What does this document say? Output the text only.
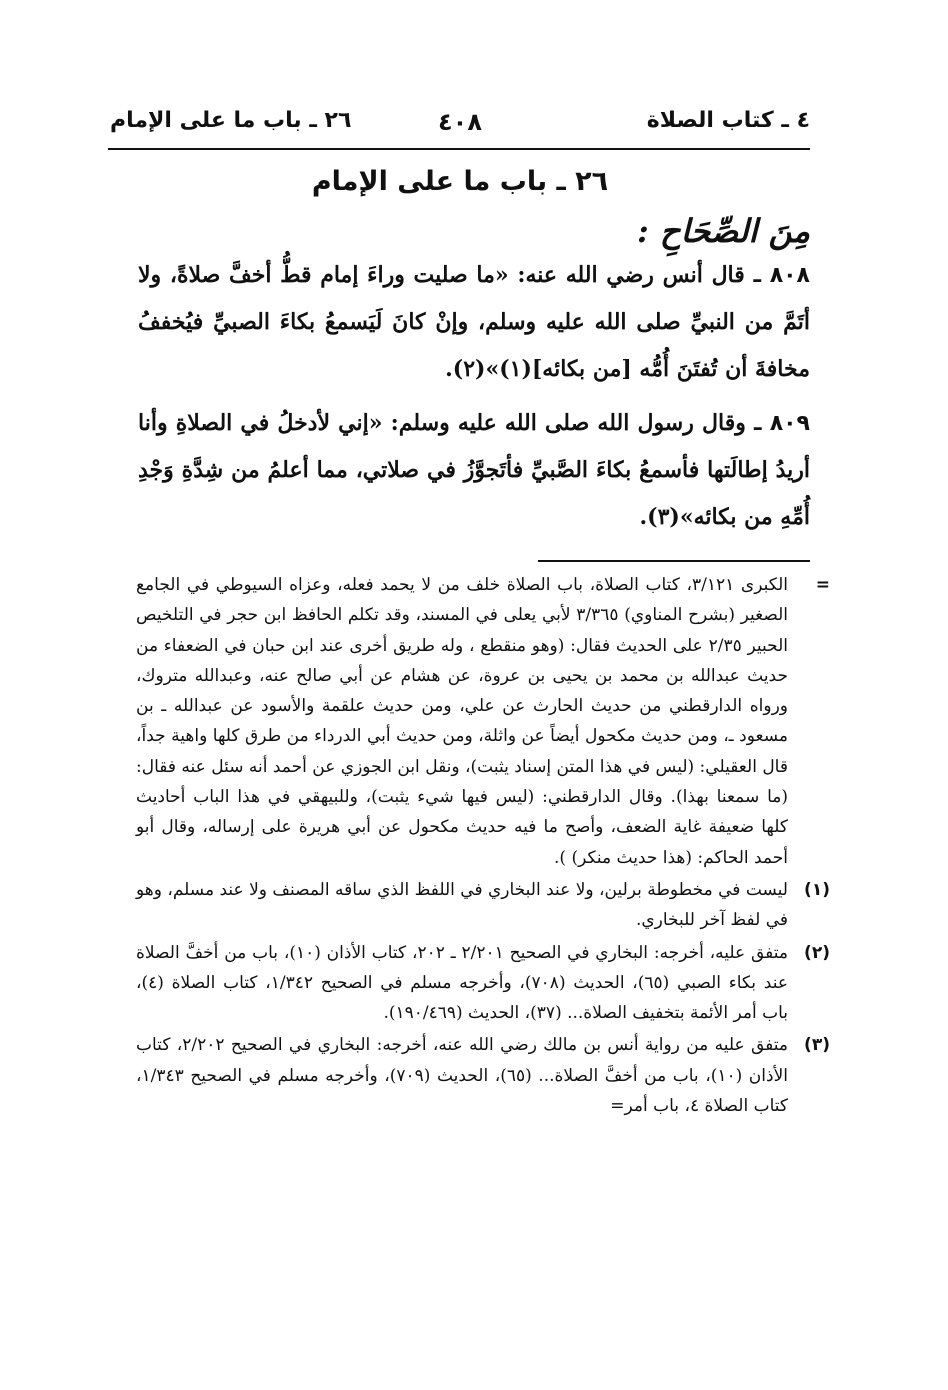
٤ ـ كتاب الصلاة
٤٠٨
٢٦ ـ باب ما على الإمام
٢٦ ـ باب ما على الإمام
مِنَ الصِّحَاحِ :

٨٠٨ ـ قال أنس رضي الله عنه: «ما صليت وراءَ إمام قطُّ أخفَّ صلاةً، ولا أتَمَّ من النبيِّ صلى الله عليه وسلم، وإنْ كانَ لَيَسمعُ بكاءَ الصبيِّ فيُخففُ مخافةَ أن تُفتَنَ أُمُّه [من بكائه](١)»(٢).

٨٠٩ ـ وقال رسول الله صلى الله عليه وسلم: «إني لأدخلُ في الصلاةِ وأنا أريدُ إطالَتها فأسمعُ بكاءَ الصَّبيِّ فأتَجوَّزُ في صلاتي، مما أعلمُ من شِدَّةِ وَجْدِ أُمِّهِ من بكائه»(٣).

=
الكبرى ٣/١٢١، كتاب الصلاة، باب الصلاة خلف من لا يحمد فعله، وعزاه السيوطي في الجامع الصغير (بشرح المناوي) ٣/٣٦٥ لأبي يعلى في المسند، وقد تكلم الحافظ ابن حجر في التلخيص الحبير ٢/٣٥ على الحديث فقال: (وهو منقطع ، وله طريق أخرى عند ابن حبان في الضعفاء من حديث عبدالله بن محمد بن يحيى بن عروة، عن هشام عن أبي صالح عنه، وعبدالله متروك، ورواه الدارقطني من حديث الحارث عن علي، ومن حديث علقمة والأسود عن عبدالله ـ بن مسعود ـ، ومن حديث مكحول أيضاً عن واثلة، ومن حديث أبي الدرداء من طرق كلها واهية جداً، قال العقيلي: (ليس في هذا المتن إسناد يثبت)، ونقل ابن الجوزي عن أحمد أنه سئل عنه فقال: (ما سمعنا بهذا). وقال الدارقطني: (ليس فيها شيء يثبت)، وللبيهقي في هذا الباب أحاديث كلها ضعيفة غاية الضعف، وأصح ما فيه حديث مكحول عن أبي هريرة على إرساله، وقال أبو أحمد الحاكم: (هذا حديث منكر) ).

(١)
ليست في مخطوطة برلين، ولا عند البخاري في اللفظ الذي ساقه المصنف ولا عند مسلم، وهو في لفظ آخر للبخاري.

(٢)
متفق عليه، أخرجه: البخاري في الصحيح ٢/٢٠١ ـ ٢٠٢، كتاب الأذان (١٠)، باب من أخفَّ الصلاة عند بكاء الصبي (٦٥)، الحديث (٧٠٨)، وأخرجه مسلم في الصحيح ١/٣٤٢، كتاب الصلاة (٤)، باب أمر الأئمة بتخفيف الصلاة... (٣٧)، الحديث (١٩٠/٤٦٩).

(٣)
متفق عليه من رواية أنس بن مالك رضي الله عنه، أخرجه: البخاري في الصحيح ٢/٢٠٢، كتاب الأذان (١٠)، باب من أخفَّ الصلاة... (٦٥)، الحديث (٧٠٩)، وأخرجه مسلم في الصحيح ١/٣٤٣، كتاب الصلاة ٤، باب أمر=
